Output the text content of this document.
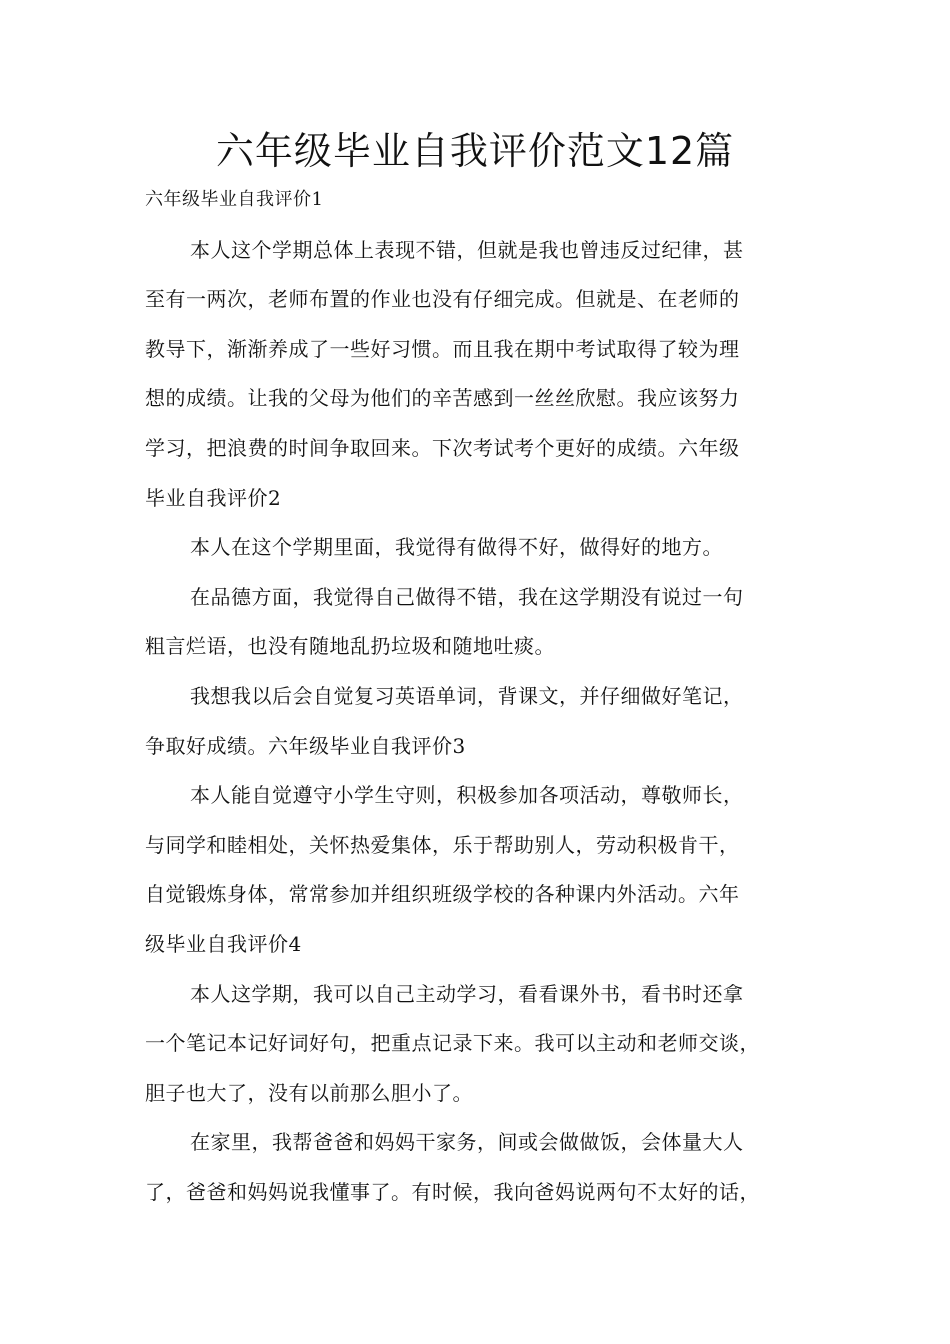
六年级毕业自我评价范文12篇
六年级毕业自我评价1
本人这个学期总体上表现不错，但就是我也曾违反过纪律，甚
至有一两次，老师布置的作业也没有仔细完成。但就是、在老师的
教导下，渐渐养成了一些好习惯。而且我在期中考试取得了较为理
想的成绩。让我的父母为他们的辛苦感到一丝丝欣慰。我应该努力
学习，把浪费的时间争取回来。下次考试考个更好的成绩。六年级
毕业自我评价2
本人在这个学期里面，我觉得有做得不好，做得好的地方。
在品德方面，我觉得自己做得不错，我在这学期没有说过一句
粗言烂语，也没有随地乱扔垃圾和随地吐痰。
我想我以后会自觉复习英语单词，背课文，并仔细做好笔记，
争取好成绩。六年级毕业自我评价3
本人能自觉遵守小学生守则，积极参加各项活动，尊敬师长，
与同学和睦相处，关怀热爱集体，乐于帮助别人，劳动积极肯干，
自觉锻炼身体，常常参加并组织班级学校的各种课内外活动。六年
级毕业自我评价4
本人这学期，我可以自己主动学习，看看课外书，看书时还拿
一个笔记本记好词好句，把重点记录下来。我可以主动和老师交谈，
胆子也大了，没有以前那么胆小了。
在家里，我帮爸爸和妈妈干家务，间或会做做饭，会体量大人
了，爸爸和妈妈说我懂事了。有时候，我向爸妈说两句不太好的话，
